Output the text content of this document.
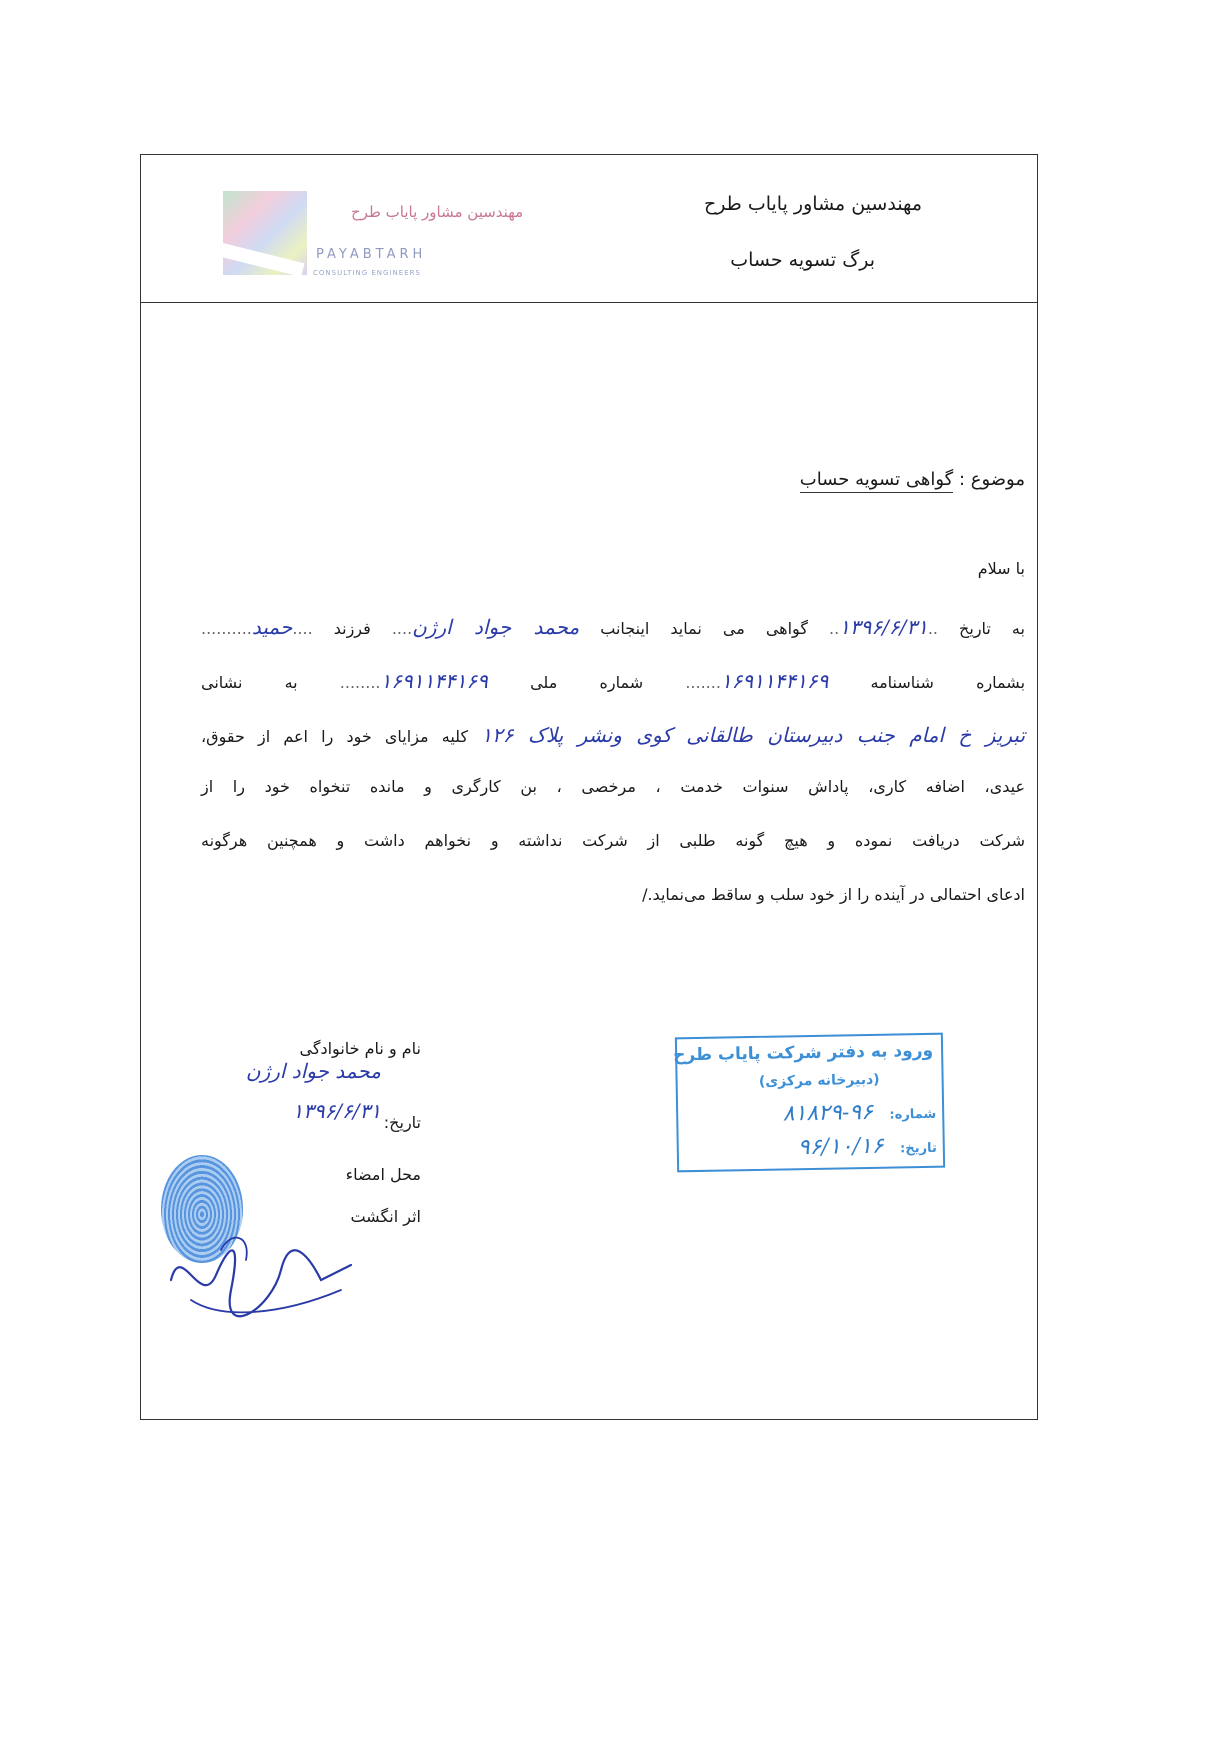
مهندسین مشاور پایاب طرح
برگ تسویه حساب
مهندسین مشاور پایاب طرح
PAYABTARH
CONSULTING ENGINEERS
موضوع : گواهی تسویه حساب
با سلام
به تاریخ ..۱۳۹۶/۶/۳۱.. گواهی می نماید اینجانب محمد جواد ارژن.... فرزند ....حمید..........
بشماره شناسنامه ۱۶۹۱۱۴۴۱۶۹....... شماره ملی ۱۶۹۱۱۴۴۱۶۹........ به نشانی
تبریز خ امام جنب دبیرستان طالقانی کوی ونشر پلاک ۱۲۶ کلیه مزایای خود را اعم از حقوق،
عیدی، اضافه کاری، پاداش سنوات خدمت ، مرخصی ، بن کارگری و مانده تنخواه خود را از
شرکت دریافت نموده و هیچ گونه طلبی از شرکت نداشته و نخواهم داشت و همچنین هرگونه
ادعای احتمالی در آینده را از خود سلب و ساقط می‌نماید./
نام و نام خانوادگی
محمد جواد ارژن
تاریخ:
۱۳۹۶/۶/۳۱
محل امضاء
اثر انگشت
ورود به دفتر شرکت پایاب طرح
(دبیرخانه مرکزی)
شماره: ۹۶-۸۱۸۲۹
تاریخ: ۹۶/۱۰/۱۶
